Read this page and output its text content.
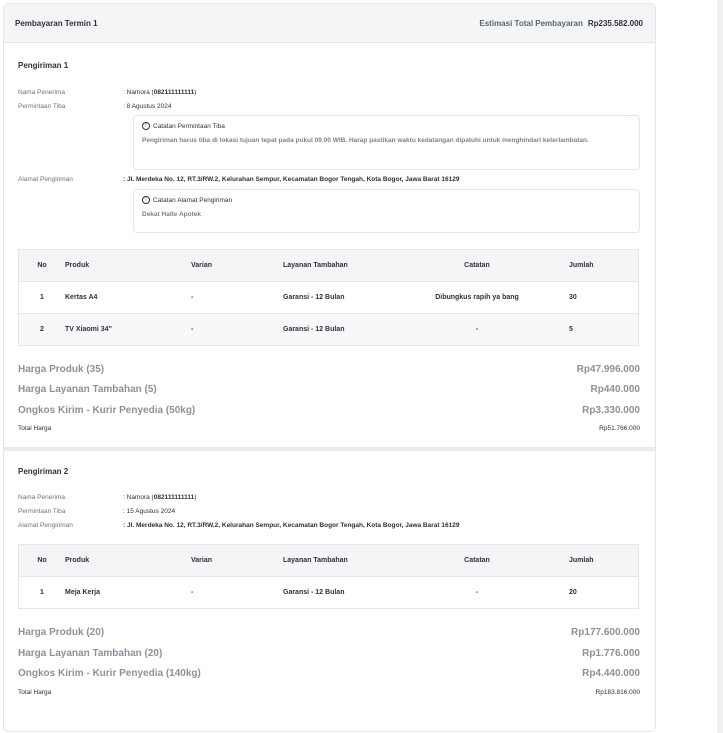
Pembayaran Termin 1	Estimasi Total Pembayaran Rp235.582.000
Pengiriman 1
Nama Penerima	: Namora (082111111111)
Permintaan Tiba	: 8 Agustus 2024
! Catatan Permintaan Tiba
Pengiriman harus tiba di lokasi tujuan tepat pada pukul 09.00 WIB. Harap pastikan waktu kedatangan dipatuhi untuk menghindari keterlambatan.
Alamat Pengiriman	: Jl. Merdeka No. 12, RT.3/RW.2, Kelurahan Sempur, Kecamatan Bogor Tengah, Kota Bogor, Jawa Barat 16129
! Catatan Alamat Pengiriman
Dekat Halte Apotek
No	Produk	Varian	Layanan Tambahan	Catatan	Jumlah
1	Kertas A4	-	Garansi - 12 Bulan	Dibungkus rapih ya bang	30
2	TV Xiaomi 34"	-	Garansi - 12 Bulan	-	5
Harga Produk (35)	Rp47.996.000
Harga Layanan Tambahan (5)	Rp440.000
Ongkos Kirim - Kurir Penyedia (50kg)	Rp3.330.000
Total Harga	Rp51.766.000
Pengiriman 2
Nama Penerima	: Namora (082111111111)
Permintaan Tiba	: 15 Agustus 2024
Alamat Pengiriman	: Jl. Merdeka No. 12, RT.3/RW.2, Kelurahan Sempur, Kecamatan Bogor Tengah, Kota Bogor, Jawa Barat 16129
No	Produk	Varian	Layanan Tambahan	Catatan	Jumlah
1	Meja Kerja	-	Garansi - 12 Bulan	-	20
Harga Produk (20)	Rp177.600.000
Harga Layanan Tambahan (20)	Rp1.776.000
Ongkos Kirim - Kurir Penyedia (140kg)	Rp4.440.000
Total Harga	Rp183.816.000
